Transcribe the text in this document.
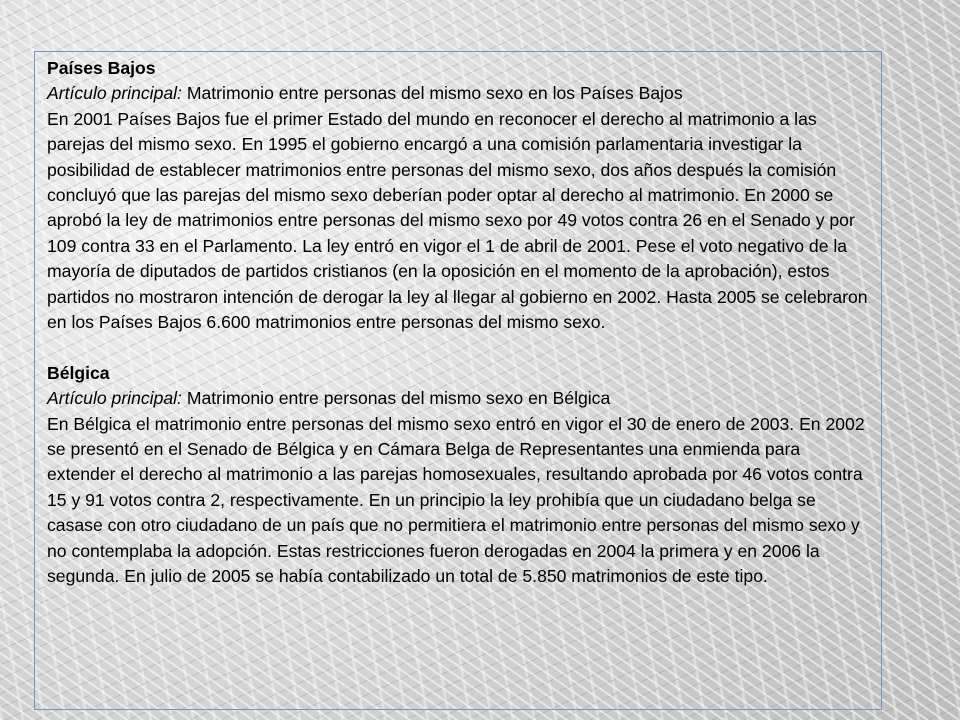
Países Bajos

Artículo principal: Matrimonio entre personas del mismo sexo en los Países Bajos

En 2001 Países Bajos fue el primer Estado del mundo en reconocer el derecho al matrimonio a las parejas del mismo sexo. En 1995 el gobierno encargó a una comisión parlamentaria investigar la posibilidad de establecer matrimonios entre personas del mismo sexo, dos años después la comisión concluyó que las parejas del mismo sexo deberían poder optar al derecho al matrimonio. En 2000 se aprobó la ley de matrimonios entre personas del mismo sexo por 49 votos contra 26 en el Senado y por 109 contra 33 en el Parlamento. La ley entró en vigor el 1 de abril de 2001. Pese el voto negativo de la mayoría de diputados de partidos cristianos (en la oposición en el momento de la aprobación), estos partidos no mostraron intención de derogar la ley al llegar al gobierno en 2002. Hasta 2005 se celebraron en los Países Bajos 6.600 matrimonios entre personas del mismo sexo.

Bélgica

Artículo principal: Matrimonio entre personas del mismo sexo en Bélgica

En Bélgica el matrimonio entre personas del mismo sexo entró en vigor el 30 de enero de 2003. En 2002 se presentó en el Senado de Bélgica y en Cámara Belga de Representantes una enmienda para extender el derecho al matrimonio a las parejas homosexuales, resultando aprobada por 46 votos contra 15 y 91 votos contra 2, respectivamente. En un principio la ley prohibía que un ciudadano belga se casase con otro ciudadano de un país que no permitiera el matrimonio entre personas del mismo sexo y no contemplaba la adopción. Estas restricciones fueron derogadas en 2004 la primera y en 2006 la segunda. En julio de 2005 se había contabilizado un total de 5.850 matrimonios de este tipo.
